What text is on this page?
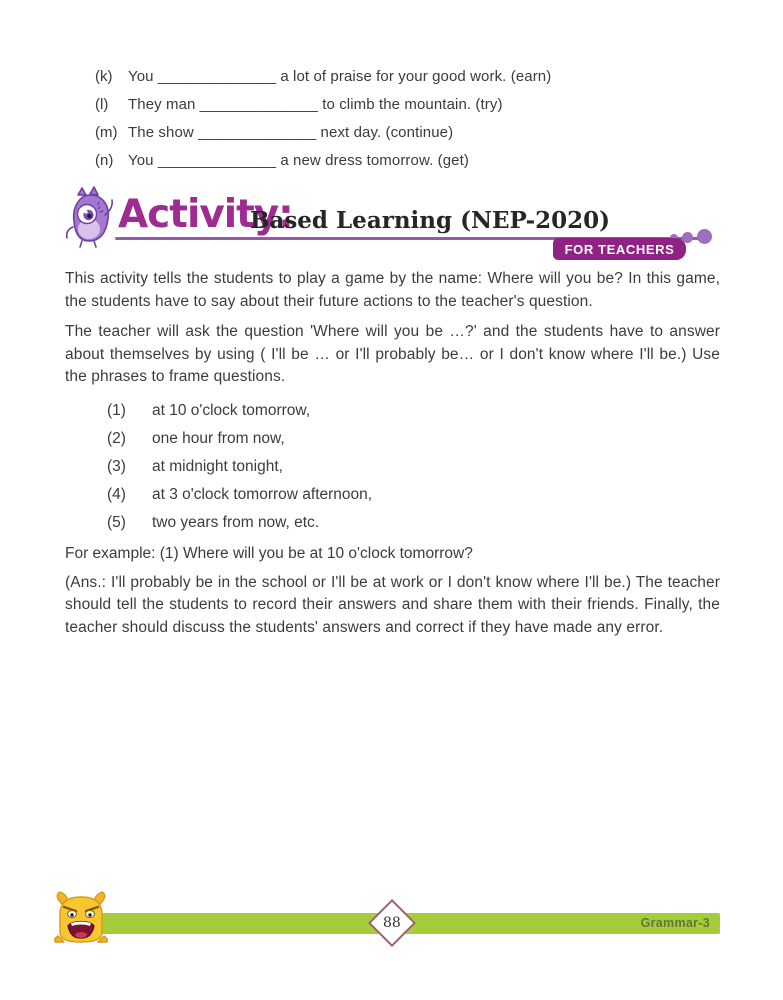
(k)	You ______________ a lot of praise for your good work. (earn)
(l)	They man ______________ to climb the mountain. (try)
(m) The show ______________ next day. (continue)
(n) You ______________ a new dress tomorrow. (get)
Activity:
Based Learning (NEP-2020)
FOR TEACHERS

This activity tells the students to play a game by the name: Where will you be? In this game, the students have to say about their future actions to the teacher's question.

The teacher will ask the question 'Where will you be …?' and the students have to answer about themselves by using ( I'll be … or I'll probably be… or I don't know where I'll be.) Use the phrases to frame questions.

(1)	at 10 o'clock tomorrow,
(2)	one hour from now,
(3)	at midnight tonight,
(4)	at 3 o'clock tomorrow afternoon,
(5)	two years from now, etc.

For example: (1) Where will you be at 10 o'clock tomorrow?

(Ans.: I'll probably be in the school or I'll be at work or I don't know where I'll be.) The teacher should tell the students to record their answers and share them with their friends. Finally, the teacher should discuss the students' answers and correct if they have made any error.

88	Grammar-3
